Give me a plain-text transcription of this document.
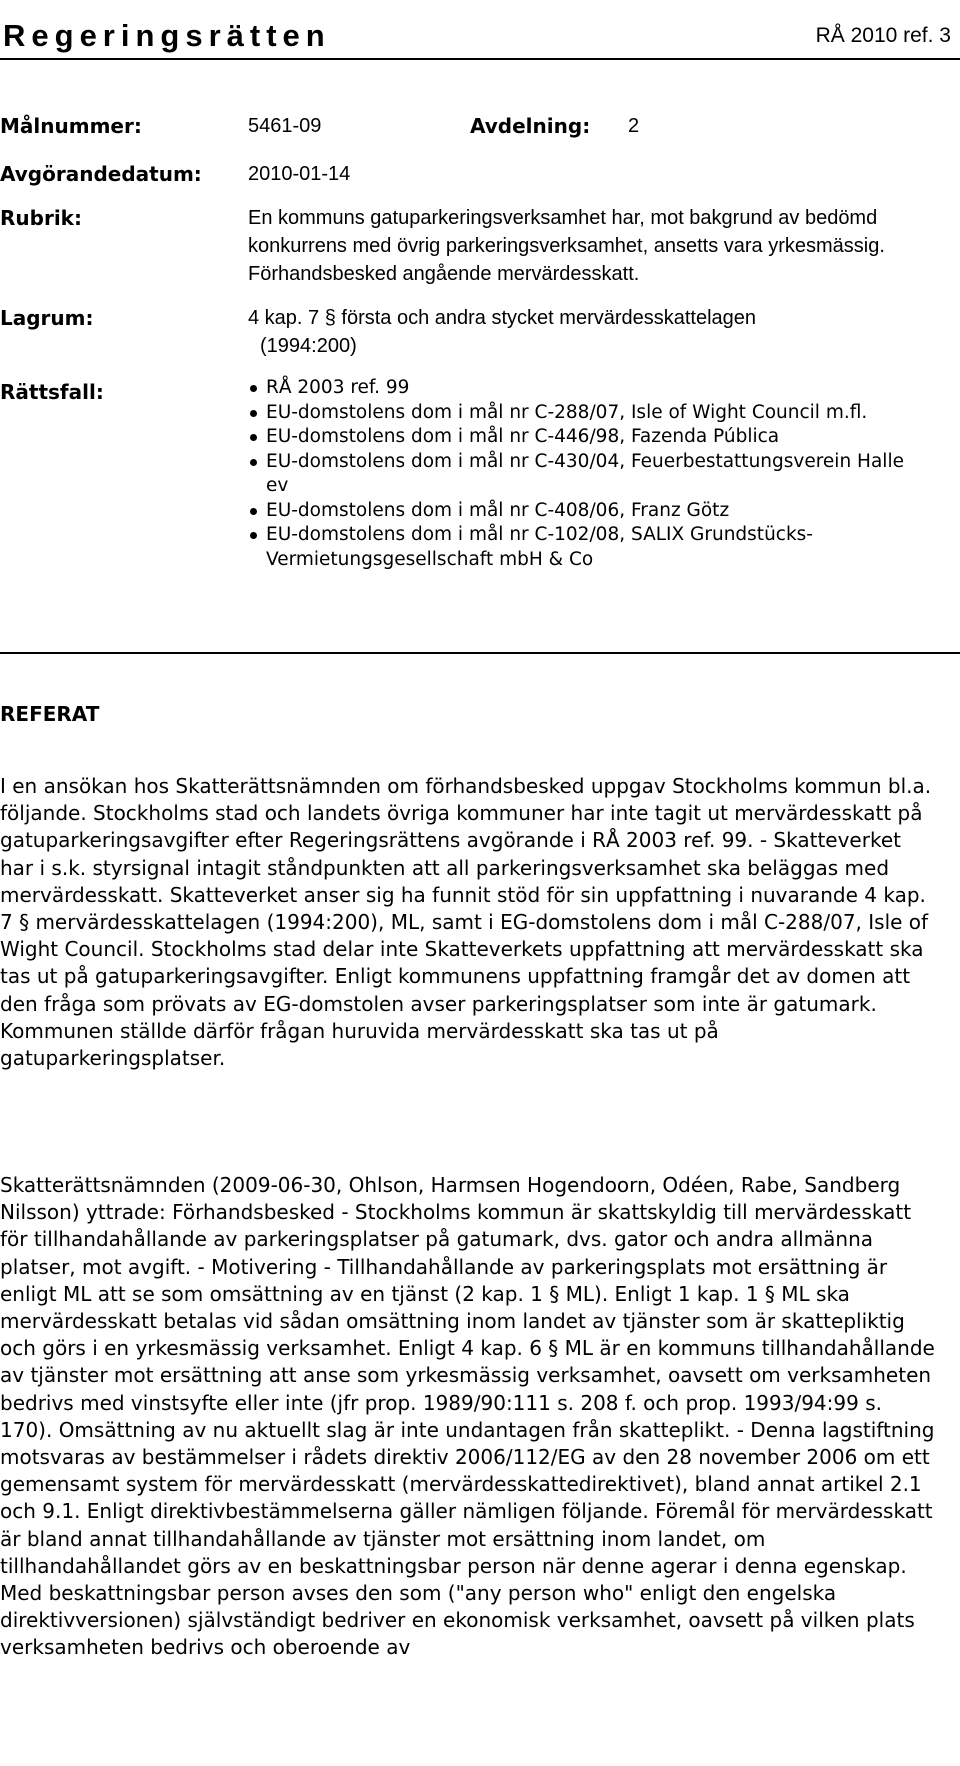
Regeringsrätten	RÅ 2010 ref. 3
Målnummer:	5461-09	Avdelning: 2
Avgörandedatum: 2010-01-14
Rubrik:	En kommuns gatuparkeringsverksamhet har, mot bakgrund av bedömd konkurrens med övrig parkeringsverksamhet, ansetts vara yrkesmässig. Förhandsbesked angående mervärdesskatt.
Lagrum:	4 kap. 7 § första och andra stycket mervärdesskattelagen
(1994:200)
Rättsfall:	RÅ 2003 ref. 99
EU-domstolens dom i mål nr C-288/07, Isle of Wight Council m.fl.
EU-domstolens dom i mål nr C-446/98, Fazenda Pública
EU-domstolens dom i mål nr C-430/04, Feuerbestattungsverein Halle ev
EU-domstolens dom i mål nr C-408/06, Franz Götz
EU-domstolens dom i mål nr C-102/08, SALIX Grundstücks-Vermietungsgesellschaft mbH & Co
REFERAT

I en ansökan hos Skatterättsnämnden om förhandsbesked uppgav Stockholms kommun bl.a. följande. Stockholms stad och landets övriga kommuner har inte tagit ut mervärdesskatt på gatuparkeringsavgifter efter Regeringsrättens avgörande i RÅ 2003 ref. 99. - Skatteverket har i s.k. styrsignal intagit ståndpunkten att all parkeringsverksamhet ska beläggas med mervärdesskatt. Skatteverket anser sig ha funnit stöd för sin uppfattning i nuvarande 4 kap. 7 § mervärdesskattelagen (1994:200), ML, samt i EG-domstolens dom i mål C-288/07, Isle of Wight Council. Stockholms stad delar inte Skatteverkets uppfattning att mervärdesskatt ska tas ut på gatuparkeringsavgifter. Enligt kommunens uppfattning framgår det av domen att den fråga som prövats av EG-domstolen avser parkeringsplatser som inte är gatumark. Kommunen ställde därför frågan huruvida mervärdesskatt ska tas ut på gatuparkeringsplatser.

Skatterättsnämnden (2009-06-30, Ohlson, Harmsen Hogendoorn, Odéen, Rabe, Sandberg Nilsson) yttrade: Förhandsbesked - Stockholms kommun är skattskyldig till mervärdesskatt för tillhandahållande av parkeringsplatser på gatumark, dvs. gator och andra allmänna platser, mot avgift. - Motivering - Tillhandahållande av parkeringsplats mot ersättning är enligt ML att se som omsättning av en tjänst (2 kap. 1 § ML). Enligt 1 kap. 1 § ML ska mervärdesskatt betalas vid sådan omsättning inom landet av tjänster som är skattepliktig och görs i en yrkesmässig verksamhet. Enligt 4 kap. 6 § ML är en kommuns tillhandahållande av tjänster mot ersättning att anse som yrkesmässig verksamhet, oavsett om verksamheten bedrivs med vinstsyfte eller inte (jfr prop. 1989/90:111 s. 208 f. och prop. 1993/94:99 s. 170). Omsättning av nu aktuellt slag är inte undantagen från skatteplikt. - Denna lagstiftning motsvaras av bestämmelser i rådets direktiv 2006/112/EG av den 28 november 2006 om ett gemensamt system för mervärdesskatt (mervärdesskattedirektivet), bland annat artikel 2.1 och 9.1. Enligt direktivbestämmelserna gäller nämligen följande. Föremål för mervärdesskatt är bland annat tillhandahållande av tjänster mot ersättning inom landet, om tillhandahållandet görs av en beskattningsbar person när denne agerar i denna egenskap. Med beskattningsbar person avses den som ("any person who" enligt den engelska direktivversionen) självständigt bedriver en ekonomisk verksamhet, oavsett på vilken plats verksamheten bedrivs och oberoende av
